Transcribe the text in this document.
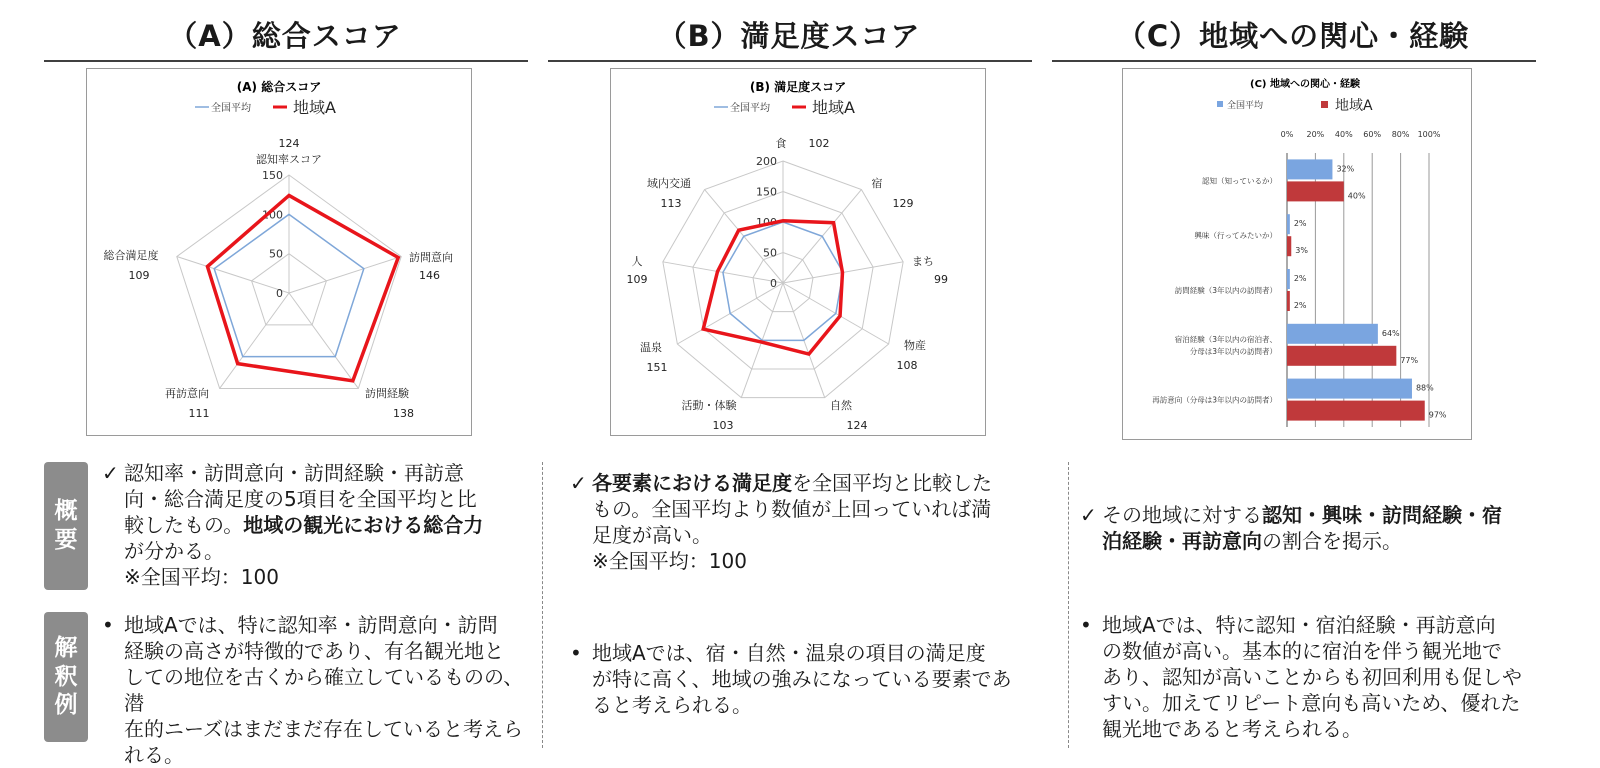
（A）総合スコア	（B）満足度スコア	（C）地域への関心・経験
(A) 総合スコア
全国平均	地域A
0
50
100
150
認知率スコア
124
訪問意向
146
訪問経験
138
再訪意向
111
総合満足度
109
(B) 満足度スコア
全国平均	地域A
0
50
100
150
200
食 102
宿
129
まち
99
物産
108
自然
124
活動・体験
103
温泉
151
人
109
域内交通
113
(C) 地域への関心・経験
全国平均	地域A
0% 20% 40% 60% 80% 100%
32%
40%
認知（知っているか）
2%
3%
興味（行ってみたいか）
2%
2%
訪問経験（3年以内の訪問者）
64%
77%
宿泊経験（3年以内の宿泊者、
分母は3年以内の訪問者）
88%
97%
再訪意向（分母は3年以内の訪問者）
概
要
解
釈
例
✓ 認知率・訪問意向・訪問経験・再訪意
向・総合満足度の5項目を全国平均と比
較したもの。地域の観光における総合力
が分かる。
※全国平均：100
• 地域Aでは、特に認知率・訪問意向・訪問
経験の高さが特徴的であり、有名観光地と
しての地位を古くから確立しているものの、潜
在的ニーズはまだまだ存在していると考えら
れる。
✓ 各要素における満足度を全国平均と比較した
もの。全国平均より数値が上回っていれば満
足度が高い。
※全国平均：100
• 地域Aでは、宿・自然・温泉の項目の満足度
が特に高く、地域の強みになっている要素であ
ると考えられる。
✓ その地域に対する認知・興味・訪問経験・宿
泊経験・再訪意向の割合を掲示。
• 地域Aでは、特に認知・宿泊経験・再訪意向
の数値が高い。基本的に宿泊を伴う観光地で
あり、認知が高いことからも初回利用も促しや
すい。加えてリピート意向も高いため、優れた
観光地であると考えられる。
